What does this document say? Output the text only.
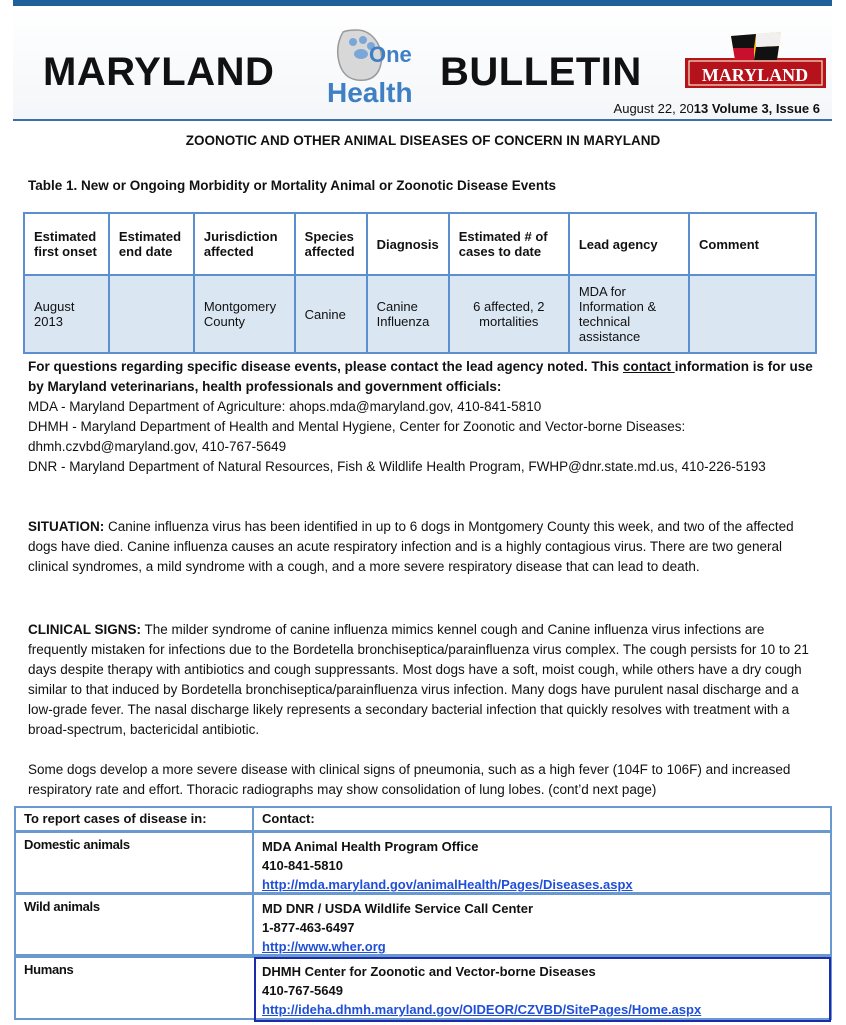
MARYLAND	One
Health BULLETIN	MARYLAND
August 22, 2013 Volume 3, Issue 6
ZOONOTIC AND OTHER ANIMAL DISEASES OF CONCERN IN MARYLAND
Table 1. New or Ongoing Morbidity or Mortality Animal or Zoonotic Disease Events
Estimated first onset	Estimated end date	Jurisdiction affected	Species affected	Diagnosis	Estimated # of cases to date	Lead agency	Comment
August 2013		Montgomery County	Canine	Canine Influenza	6 affected, 2 mortalities	MDA for Information & technical assistance	
For questions regarding specific disease events, please contact the lead agency noted. This contact information is for use by Maryland veterinarians, health professionals and government officials:
MDA - Maryland Department of Agriculture: ahops.mda@maryland.gov, 410-841-5810
DHMH - Maryland Department of Health and Mental Hygiene, Center for Zoonotic and Vector-borne Diseases: dhmh.czvbd@maryland.gov, 410-767-5649
DNR - Maryland Department of Natural Resources, Fish & Wildlife Health Program, FWHP@dnr.state.md.us, 410-226-5193
SITUATION: Canine influenza virus has been identified in up to 6 dogs in Montgomery County this week, and two of the affected dogs have died. Canine influenza causes an acute respiratory infection and is a highly contagious virus. There are two general clinical syndromes, a mild syndrome with a cough, and a more severe respiratory disease that can lead to death.
CLINICAL SIGNS: The milder syndrome of canine influenza mimics kennel cough and Canine influenza virus infections are frequently mistaken for infections due to the Bordetella bronchiseptica/parainfluenza virus complex. The cough persists for 10 to 21 days despite therapy with antibiotics and cough suppressants. Most dogs have a soft, moist cough, while others have a dry cough similar to that induced by Bordetella bronchiseptica/parainfluenza virus infection. Many dogs have purulent nasal discharge and a low-grade fever. The nasal discharge likely represents a secondary bacterial infection that quickly resolves with treatment with a broad-spectrum, bactericidal antibiotic.
Some dogs develop a more severe disease with clinical signs of pneumonia, such as a high fever (104F to 106F) and increased respiratory rate and effort. Thoracic radiographs may show consolidation of lung lobes. (cont’d next page)
To report cases of disease in:	Contact:
Domestic animals	MDA Animal Health Program Office
410-841-5810
http://mda.maryland.gov/animalHealth/Pages/Diseases.aspx
Wild animals	MD DNR / USDA Wildlife Service Call Center
1-877-463-6497
http://www.wher.org
Humans	DHMH Center for Zoonotic and Vector-borne Diseases
410-767-5649
http://ideha.dhmh.maryland.gov/OIDEOR/CZVBD/SitePages/Home.aspx
